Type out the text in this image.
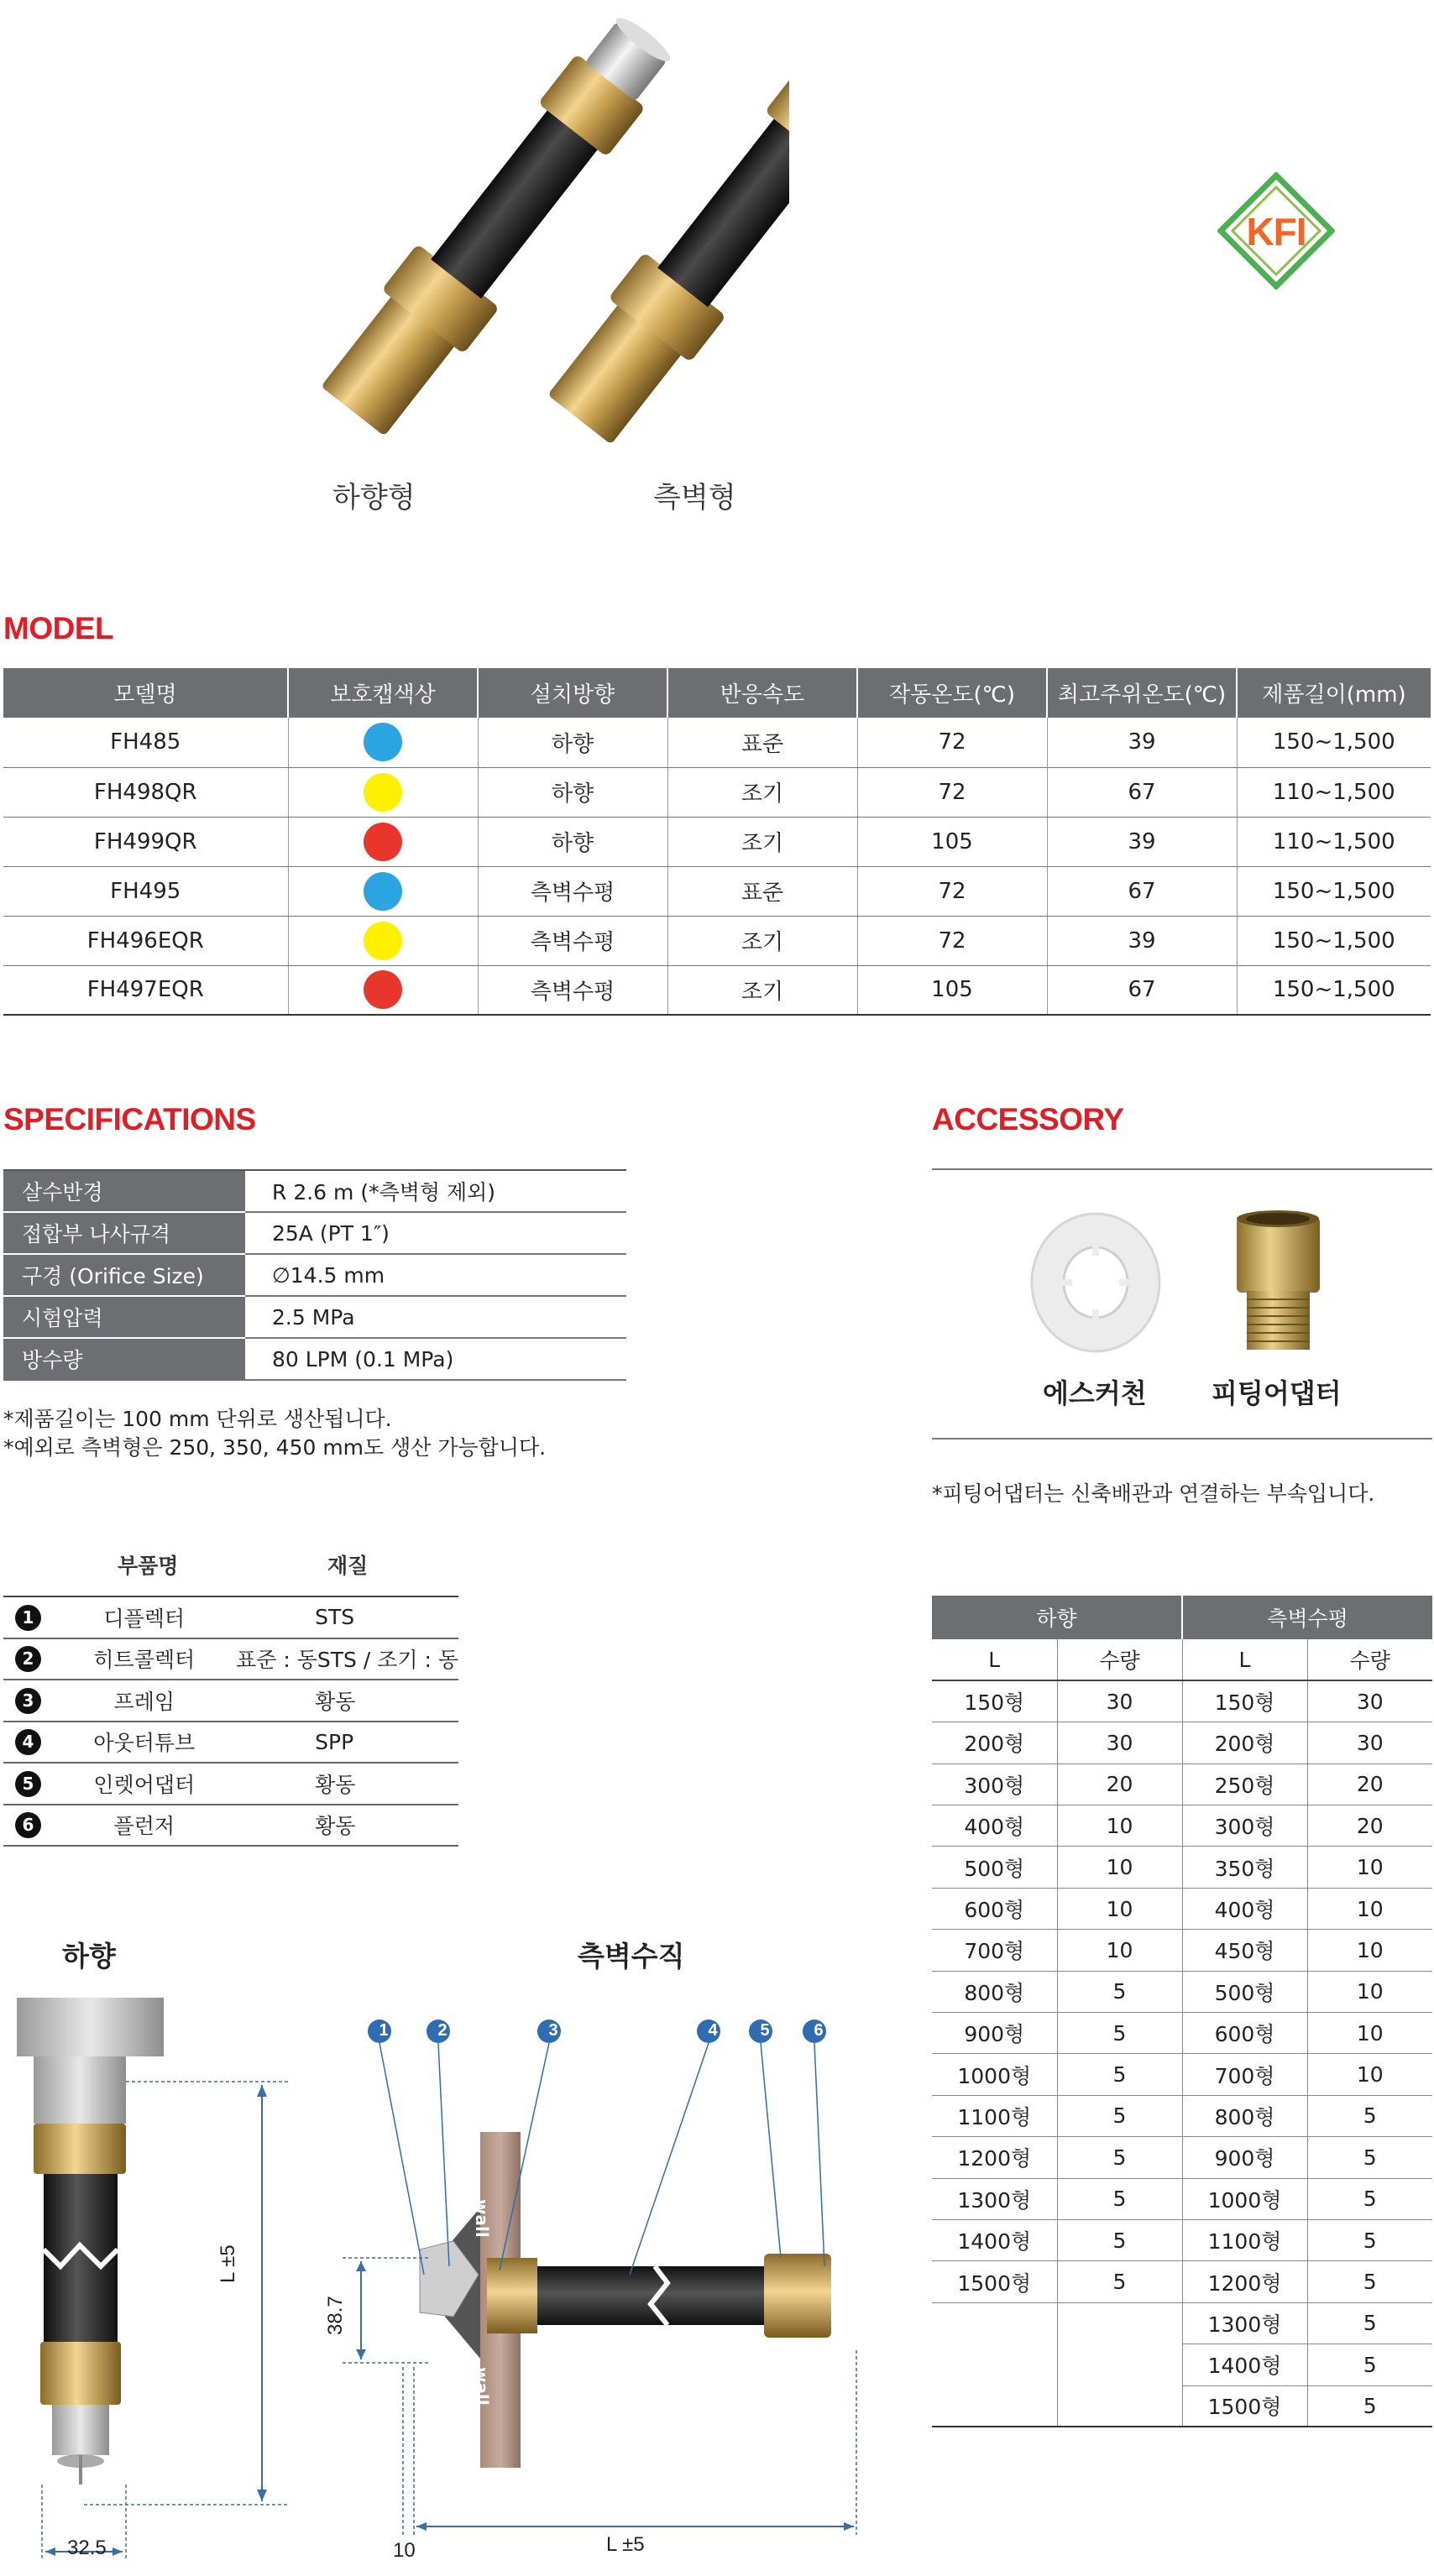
하향형	측벽형
KFI
MODEL
모델명	보호캡색상	설치방향	반응속도	작동온도(℃)	최고주위온도(℃)	제품길이(mm)
FH485		하향	표준	72	39	150~1,500
FH498QR		하향	조기	72	67	110~1,500
FH499QR		하향	조기	105	39	110~1,500
FH495		측벽수평	표준	72	67	150~1,500
FH496EQR		측벽수평	조기	72	39	150~1,500
FH497EQR		측벽수평	조기	105	67	150~1,500
SPECIFICATIONS
살수반경	R 2.6 m (*측벽형 제외)
접합부 나사규격	25A (PT 1″)
구경 (Orifice Size)	∅14.5 mm
시험압력	2.5 MPa
방수량	80 LPM (0.1 MPa)
*제품길이는 100 mm 단위로 생산됩니다.
*예외로 측벽형은 250, 350, 450 mm도 생산 가능합니다.
부품명	재질
1	디플렉터	STS
2	히트콜렉터	표준 : 동STS / 조기 : 동
3	프레임	황동
4	아웃터튜브	SPP
5	인렛어댑터	황동
6	플런저	황동
ACCESSORY
에스커천 피팅어댑터
*피팅어댑터는 신축배관과 연결하는 부속입니다.
하향		측벽수평	
L	수량	L	수량
150형	30	150형	30
200형	30	200형	30
300형	20	250형	20
400형	10	300형	20
500형	10	350형	10
600형	10	400형	10
700형	10	450형	10
800형	5	500형	10
900형	5	600형	10
1000형	5	700형	10
1100형	5	800형	5
1200형	5	900형	5
1300형	5	1000형	5
1400형	5	1100형	5
1500형	5	1200형	5
		1300형	5
		1400형	5
		1500형	5
하향	측벽수직
L ±5
32.5
1	2	3	4	5	6
wall
wall
38.7
10	L ±5
